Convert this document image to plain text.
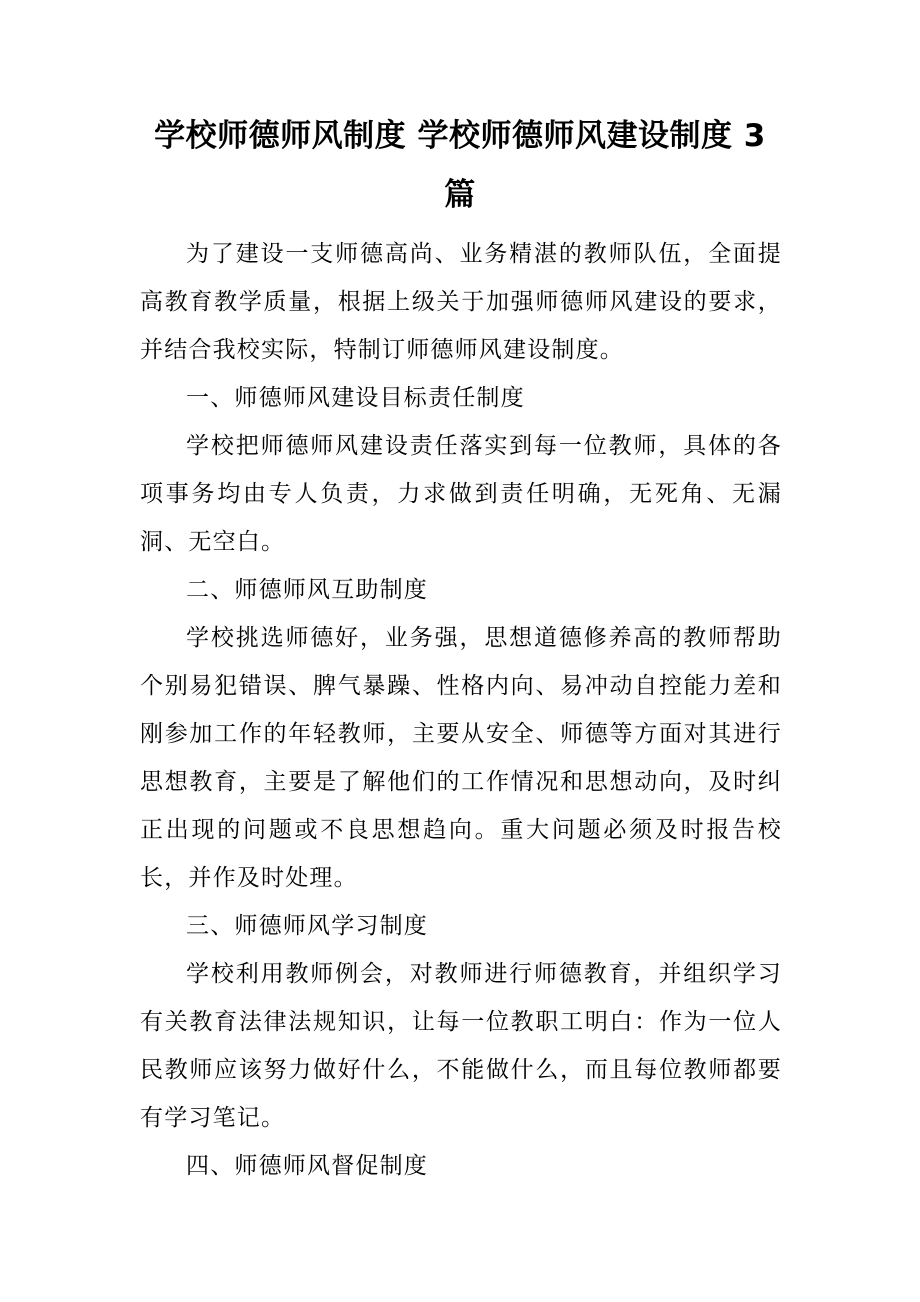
学校师德师风制度 学校师德师风建设制度 3 篇

为了建设一支师德高尚、业务精湛的教师队伍，全面提高教育教学质量，根据上级关于加强师德师风建设的要求，并结合我校实际，特制订师德师风建设制度。

一、师德师风建设目标责任制度

学校把师德师风建设责任落实到每一位教师，具体的各项事务均由专人负责，力求做到责任明确，无死角、无漏洞、无空白。

二、师德师风互助制度

学校挑选师德好，业务强，思想道德修养高的教师帮助个别易犯错误、脾气暴躁、性格内向、易冲动自控能力差和刚参加工作的年轻教师，主要从安全、师德等方面对其进行思想教育，主要是了解他们的工作情况和思想动向，及时纠正出现的问题或不良思想趋向。重大问题必须及时报告校长，并作及时处理。

三、师德师风学习制度

学校利用教师例会，对教师进行师德教育，并组织学习有关教育法律法规知识，让每一位教职工明白：作为一位人民教师应该努力做好什么，不能做什么，而且每位教师都要有学习笔记。

四、师德师风督促制度
